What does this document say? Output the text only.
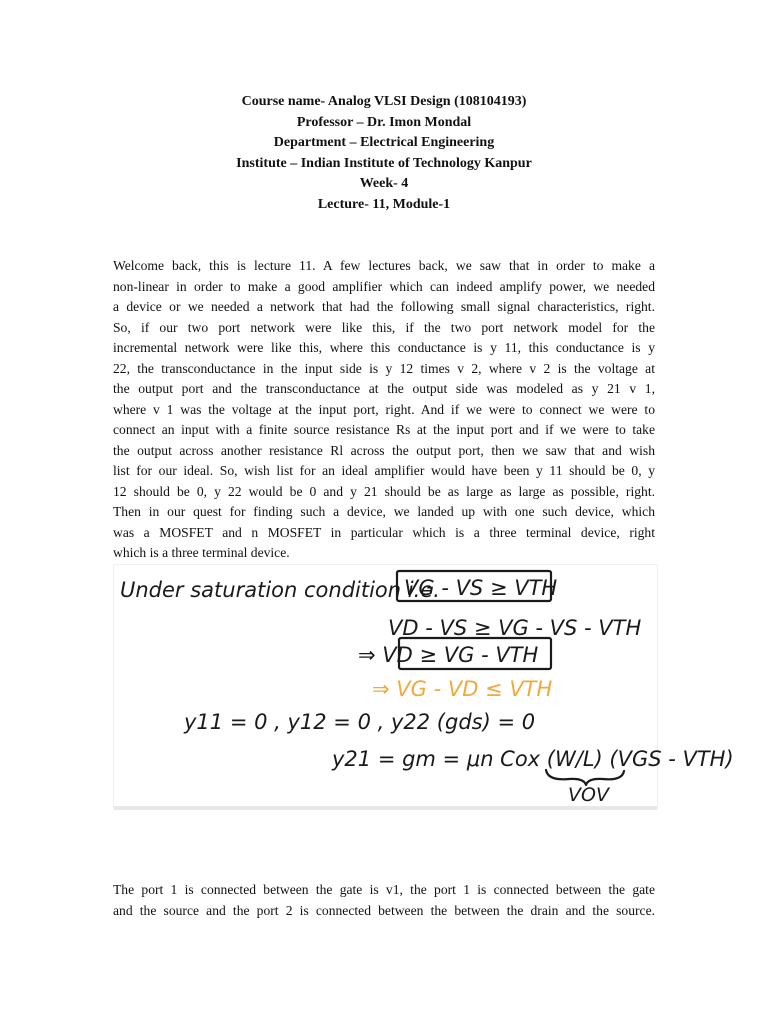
Course name- Analog VLSI Design (108104193)
Professor – Dr. Imon Mondal
Department – Electrical Engineering
Institute – Indian Institute of Technology Kanpur
Week- 4
Lecture- 11, Module-1
Welcome back, this is lecture 11. A few lectures back, we saw that in order to make a
non-linear in order to make a good amplifier which can indeed amplify power, we needed
a device or we needed a network that had the following small signal characteristics, right.
So, if our two port network were like this, if the two port network model for the
incremental network were like this, where this conductance is y 11, this conductance is y
22, the transconductance in the input side is y 12 times v 2, where v 2 is the voltage at
the output port and the transconductance at the output side was modeled as y 21 v 1,
where v 1 was the voltage at the input port, right. And if we were to connect we were to
connect an input with a finite source resistance Rs at the input port and if we were to take
the output across another resistance Rl across the output port, then we saw that and wish
list for our ideal. So, wish list for an ideal amplifier would have been y 11 should be 0, y
12 should be 0, y 22 would be 0 and y 21 should be as large as large as possible, right.
Then in our quest for finding such a device, we landed up with one such device, which
was a MOSFET and n MOSFET in particular which is a three terminal device, right
which is a three terminal device.
Under saturation condition i.e.
VG - VS ≥ VTH
VD - VS ≥ VG - VS - VTH
⇒ VD ≥ VG - VTH
⇒ VG - VD ≤ VTH
y11 = 0 , y12 = 0 , y22 (gds) = 0
y21 = gm = μn Cox (W/L) (VGS - VTH)
VOV
The port 1 is connected between the gate is v1, the port 1 is connected between the gate
and the source and the port 2 is connected between the between the drain and the source.
